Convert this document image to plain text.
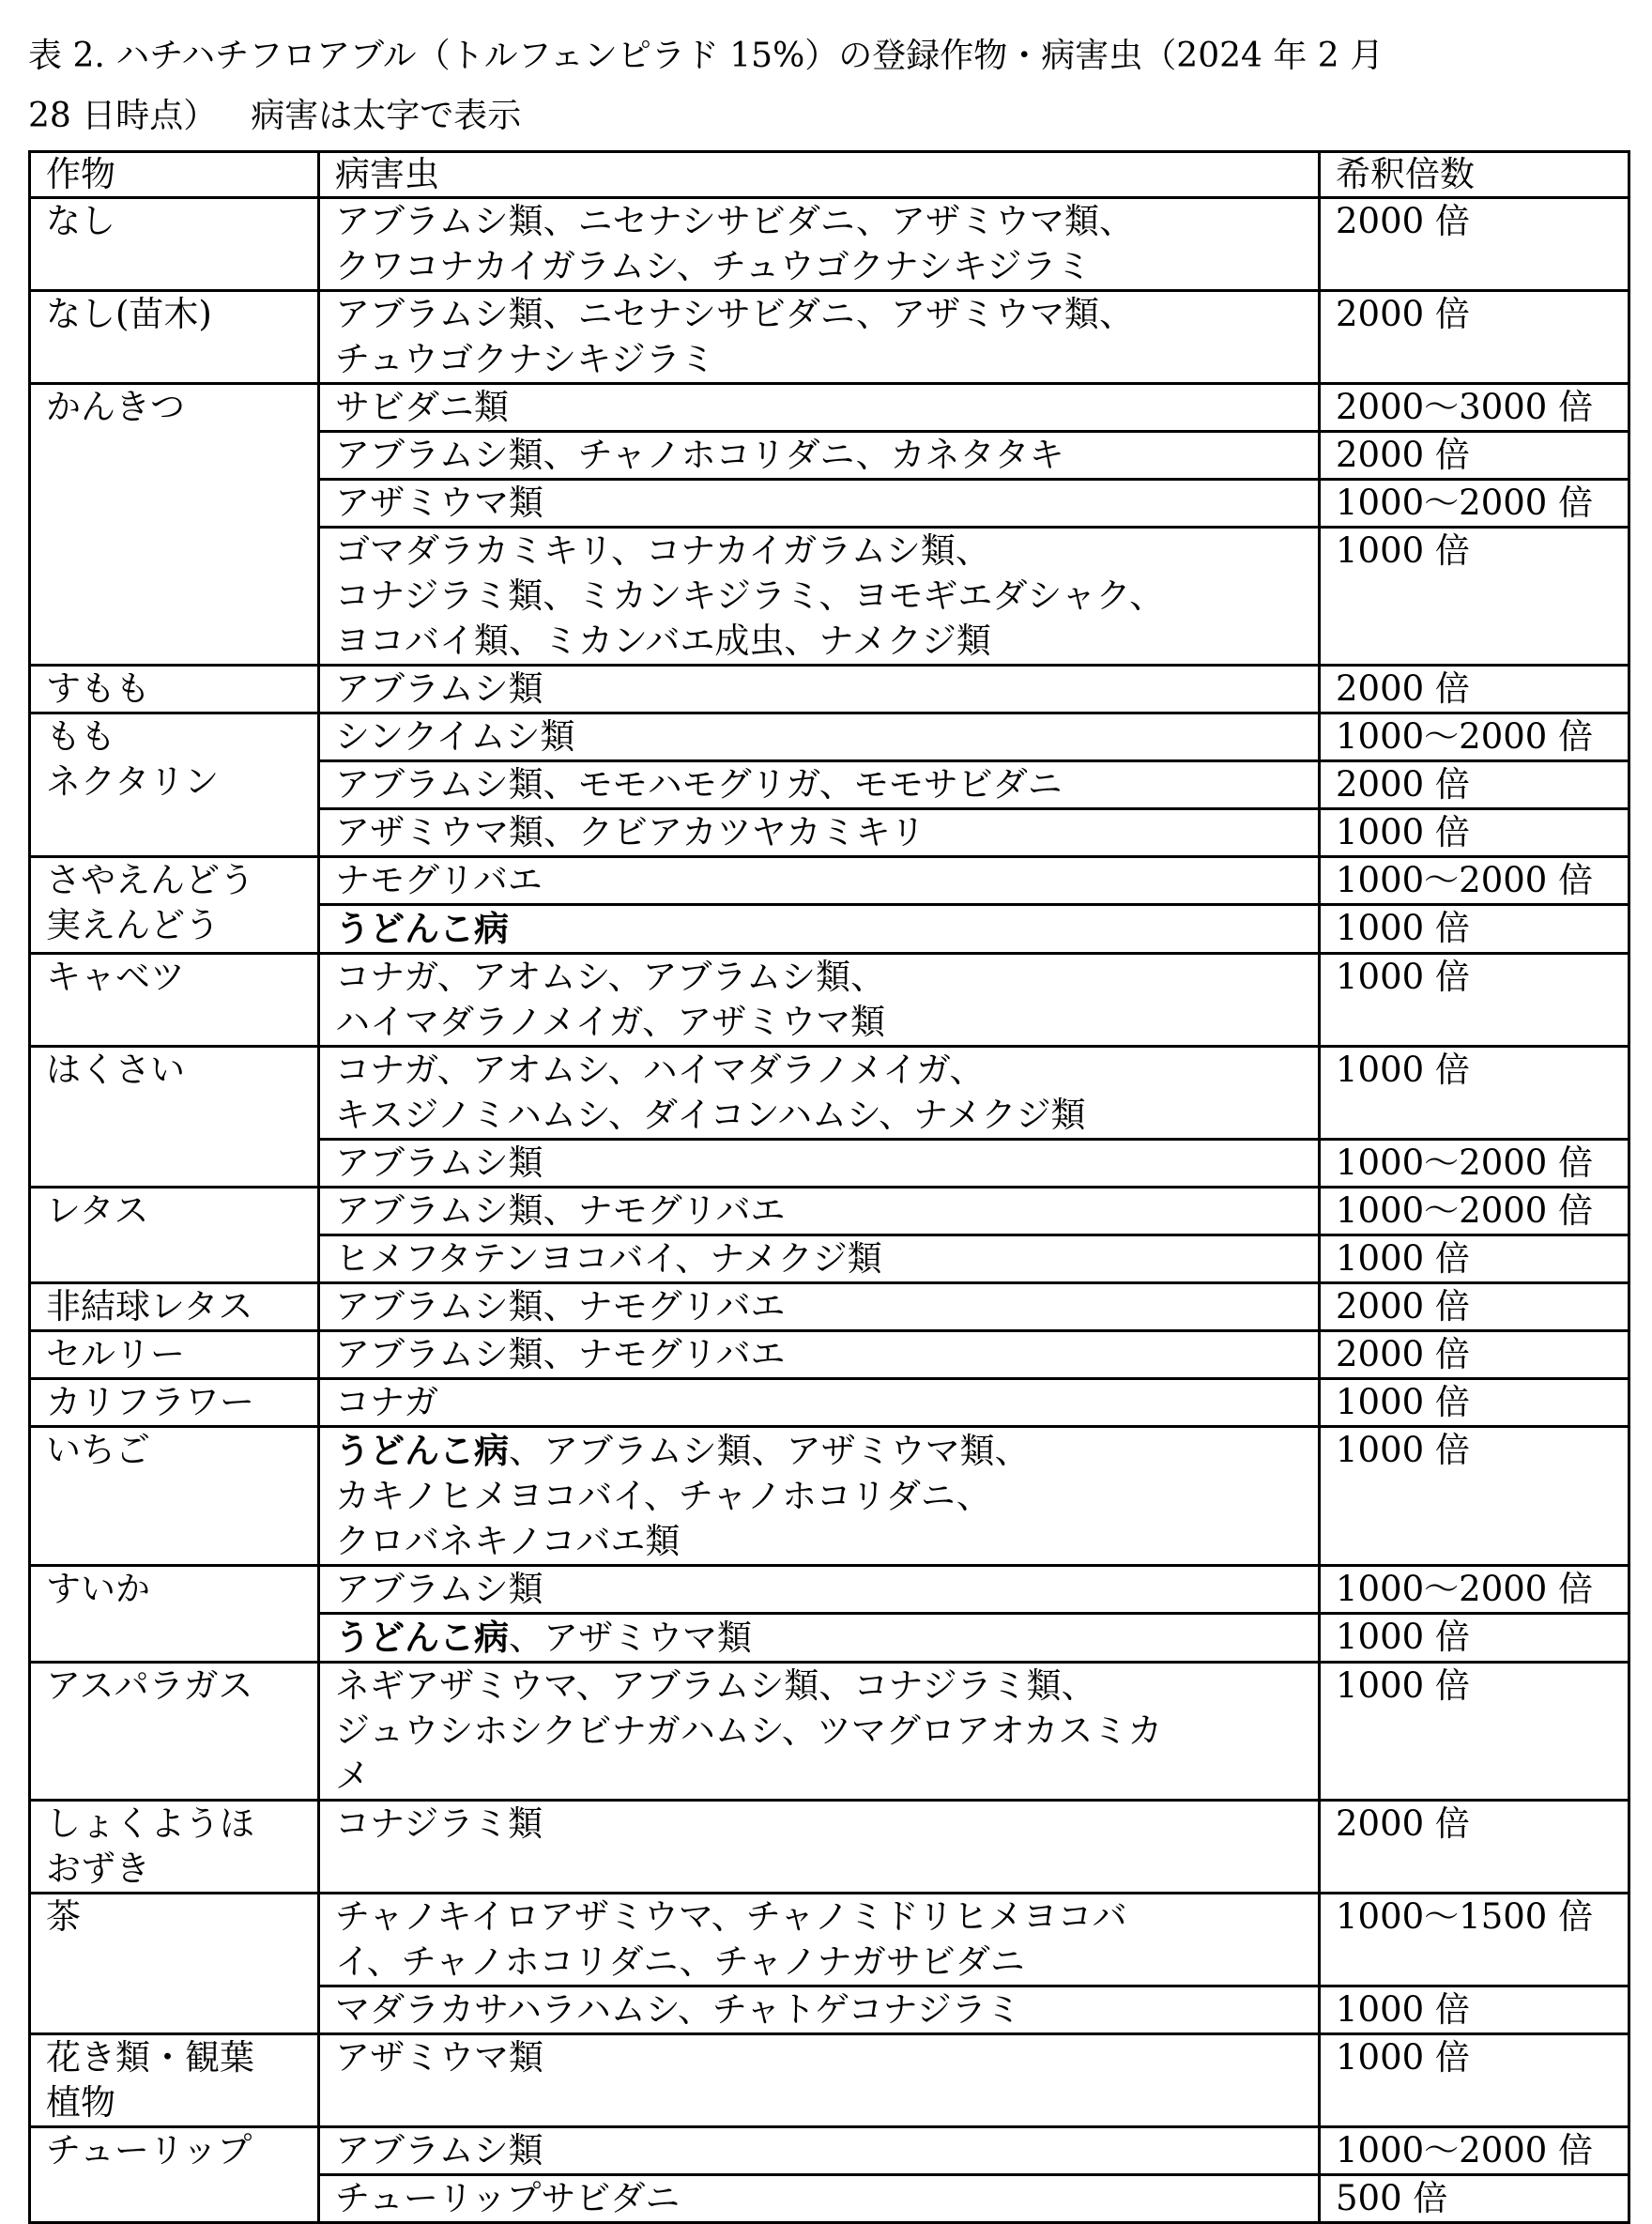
表 2. ハチハチフロアブル（トルフェンピラド 15%）の登録作物・病害虫（2024 年 2 月
28 日時点） 病害は太字で表示
作物	病害虫	希釈倍数
なし	アブラムシ類、ニセナシサビダニ、アザミウマ類、
クワコナカイガラムシ、チュウゴクナシキジラミ	2000 倍
なし(苗木)	アブラムシ類、ニセナシサビダニ、アザミウマ類、
チュウゴクナシキジラミ	2000 倍
かんきつ	サビダニ類	2000〜3000 倍
	アブラムシ類、チャノホコリダニ、カネタタキ	2000 倍
	アザミウマ類	1000〜2000 倍
	ゴマダラカミキリ、コナカイガラムシ類、
コナジラミ類、ミカンキジラミ、ヨモギエダシャク、
ヨコバイ類、ミカンバエ成虫、ナメクジ類	1000 倍
すもも	アブラムシ類	2000 倍
もも
ネクタリン	シンクイムシ類	1000〜2000 倍
	アブラムシ類、モモハモグリガ、モモサビダニ	2000 倍
	アザミウマ類、クビアカツヤカミキリ	1000 倍
さやえんどう
実えんどう	ナモグリバエ	1000〜2000 倍
	うどんこ病	1000 倍
キャベツ	コナガ、アオムシ、アブラムシ類、
ハイマダラノメイガ、アザミウマ類	1000 倍
はくさい	コナガ、アオムシ、ハイマダラノメイガ、
キスジノミハムシ、ダイコンハムシ、ナメクジ類	1000 倍
	アブラムシ類	1000〜2000 倍
レタス	アブラムシ類、ナモグリバエ	1000〜2000 倍
	ヒメフタテンヨコバイ、ナメクジ類	1000 倍
非結球レタス	アブラムシ類、ナモグリバエ	2000 倍
セルリー	アブラムシ類、ナモグリバエ	2000 倍
カリフラワー	コナガ	1000 倍
いちご	うどんこ病、アブラムシ類、アザミウマ類、
カキノヒメヨコバイ、チャノホコリダニ、
クロバネキノコバエ類	1000 倍
すいか	アブラムシ類	1000〜2000 倍
	うどんこ病、アザミウマ類	1000 倍
アスパラガス	ネギアザミウマ、アブラムシ類、コナジラミ類、
ジュウシホシクビナガハムシ、ツマグロアオカスミカ
メ	1000 倍
しょくようほ
おずき	コナジラミ類	2000 倍
茶	チャノキイロアザミウマ、チャノミドリヒメヨコバ
イ、チャノホコリダニ、チャノナガサビダニ	1000〜1500 倍
	マダラカサハラハムシ、チャトゲコナジラミ	1000 倍
花き類・観葉
植物	アザミウマ類	1000 倍
チューリップ	アブラムシ類	1000〜2000 倍
	チューリップサビダニ	500 倍
